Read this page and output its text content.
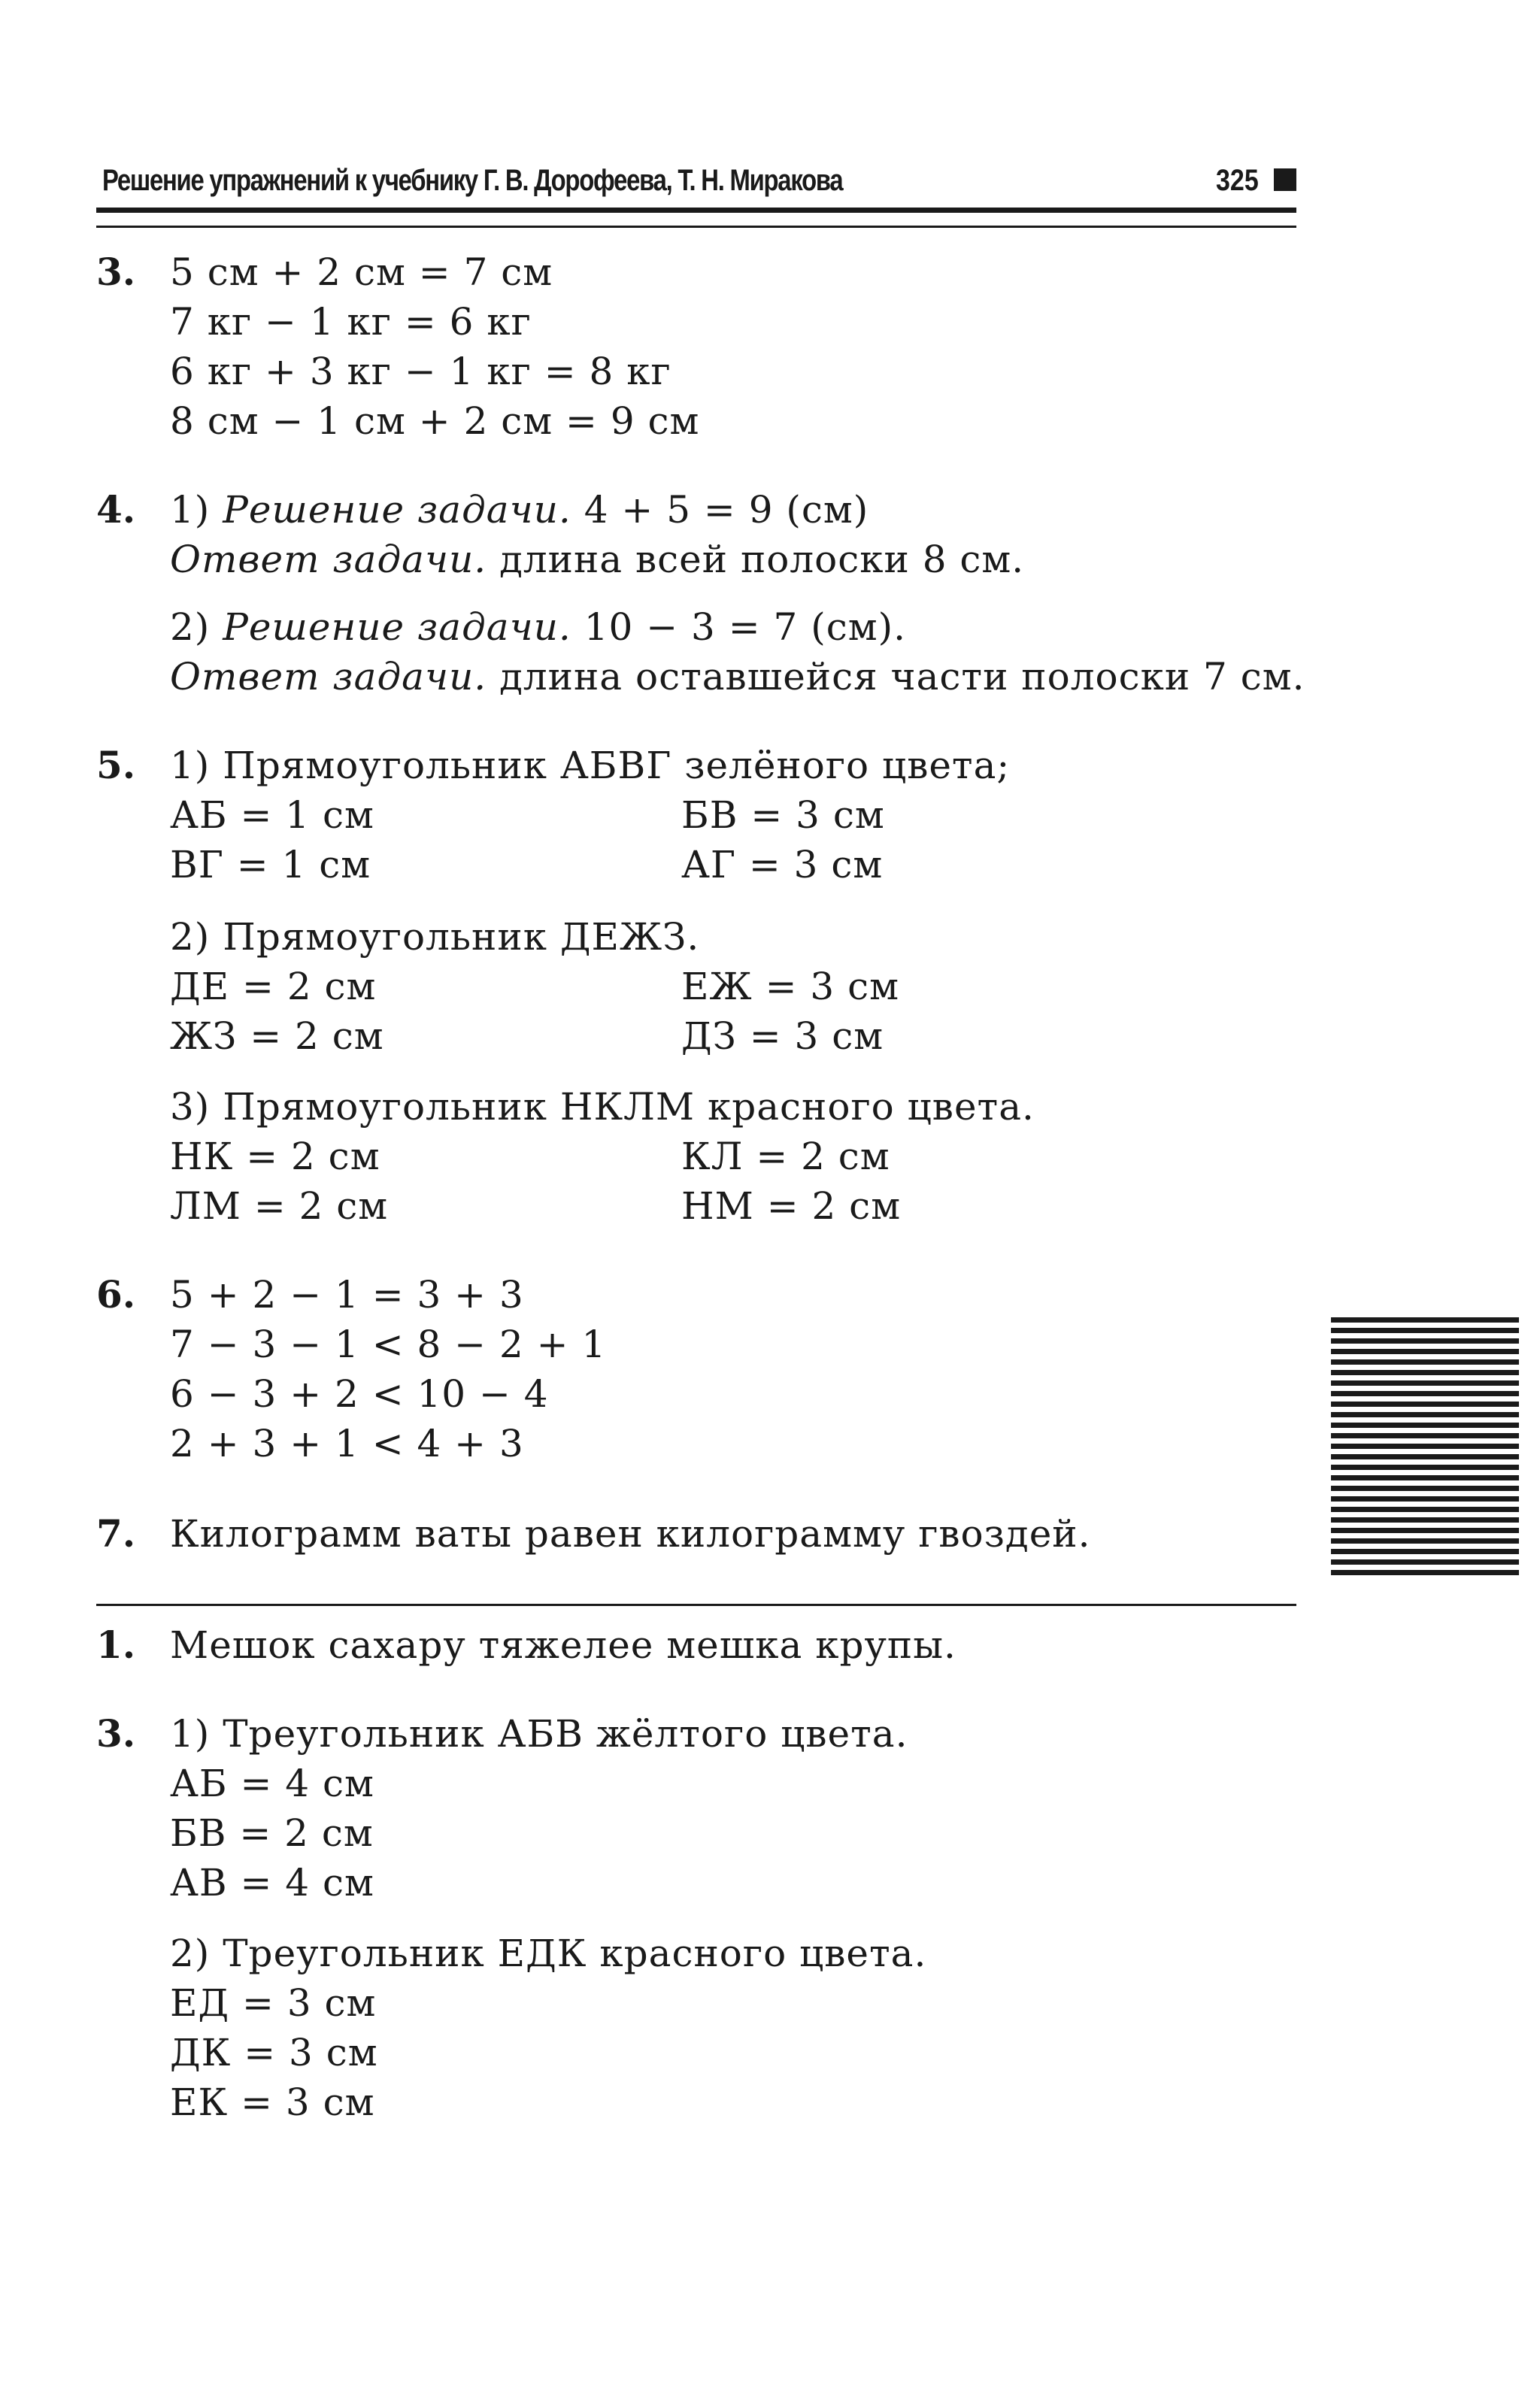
Решение упражнений к учебнику Г. В. Дорофеева, Т. Н. Миракова	325
3. 5 см + 2 см = 7 см
7 кг − 1 кг = 6 кг
6 кг + 3 кг − 1 кг = 8 кг
8 см − 1 см + 2 см = 9 см
4. 1) Решение задачи. 4 + 5 = 9 (см)
Ответ задачи. длина всей полоски 8 см.
2) Решение задачи. 10 − 3 = 7 (см).
Ответ задачи. длина оставшейся части полоски 7 см.
5. 1) Прямоугольник АБВГ зелёного цвета;
АБ = 1 см	БВ = 3 см
ВГ = 1 см	АГ = 3 см
2) Прямоугольник ДЕЖЗ.
ДЕ = 2 см	ЕЖ = 3 см
ЖЗ = 2 см	ДЗ = 3 см
3) Прямоугольник НКЛМ красного цвета.
НК = 2 см	КЛ = 2 см
ЛМ = 2 см	НМ = 2 см
6. 5 + 2 − 1 = 3 + 3
7 − 3 − 1 < 8 − 2 + 1
6 − 3 + 2 < 10 − 4
2 + 3 + 1 < 4 + 3
7. Килограмм ваты равен килограмму гвоздей.
1. Мешок сахару тяжелее мешка крупы.
3. 1) Треугольник АБВ жёлтого цвета.
АБ = 4 см
БВ = 2 см
АВ = 4 см
2) Треугольник ЕДК красного цвета.
ЕД = 3 см
ДК = 3 см
ЕК = 3 см
